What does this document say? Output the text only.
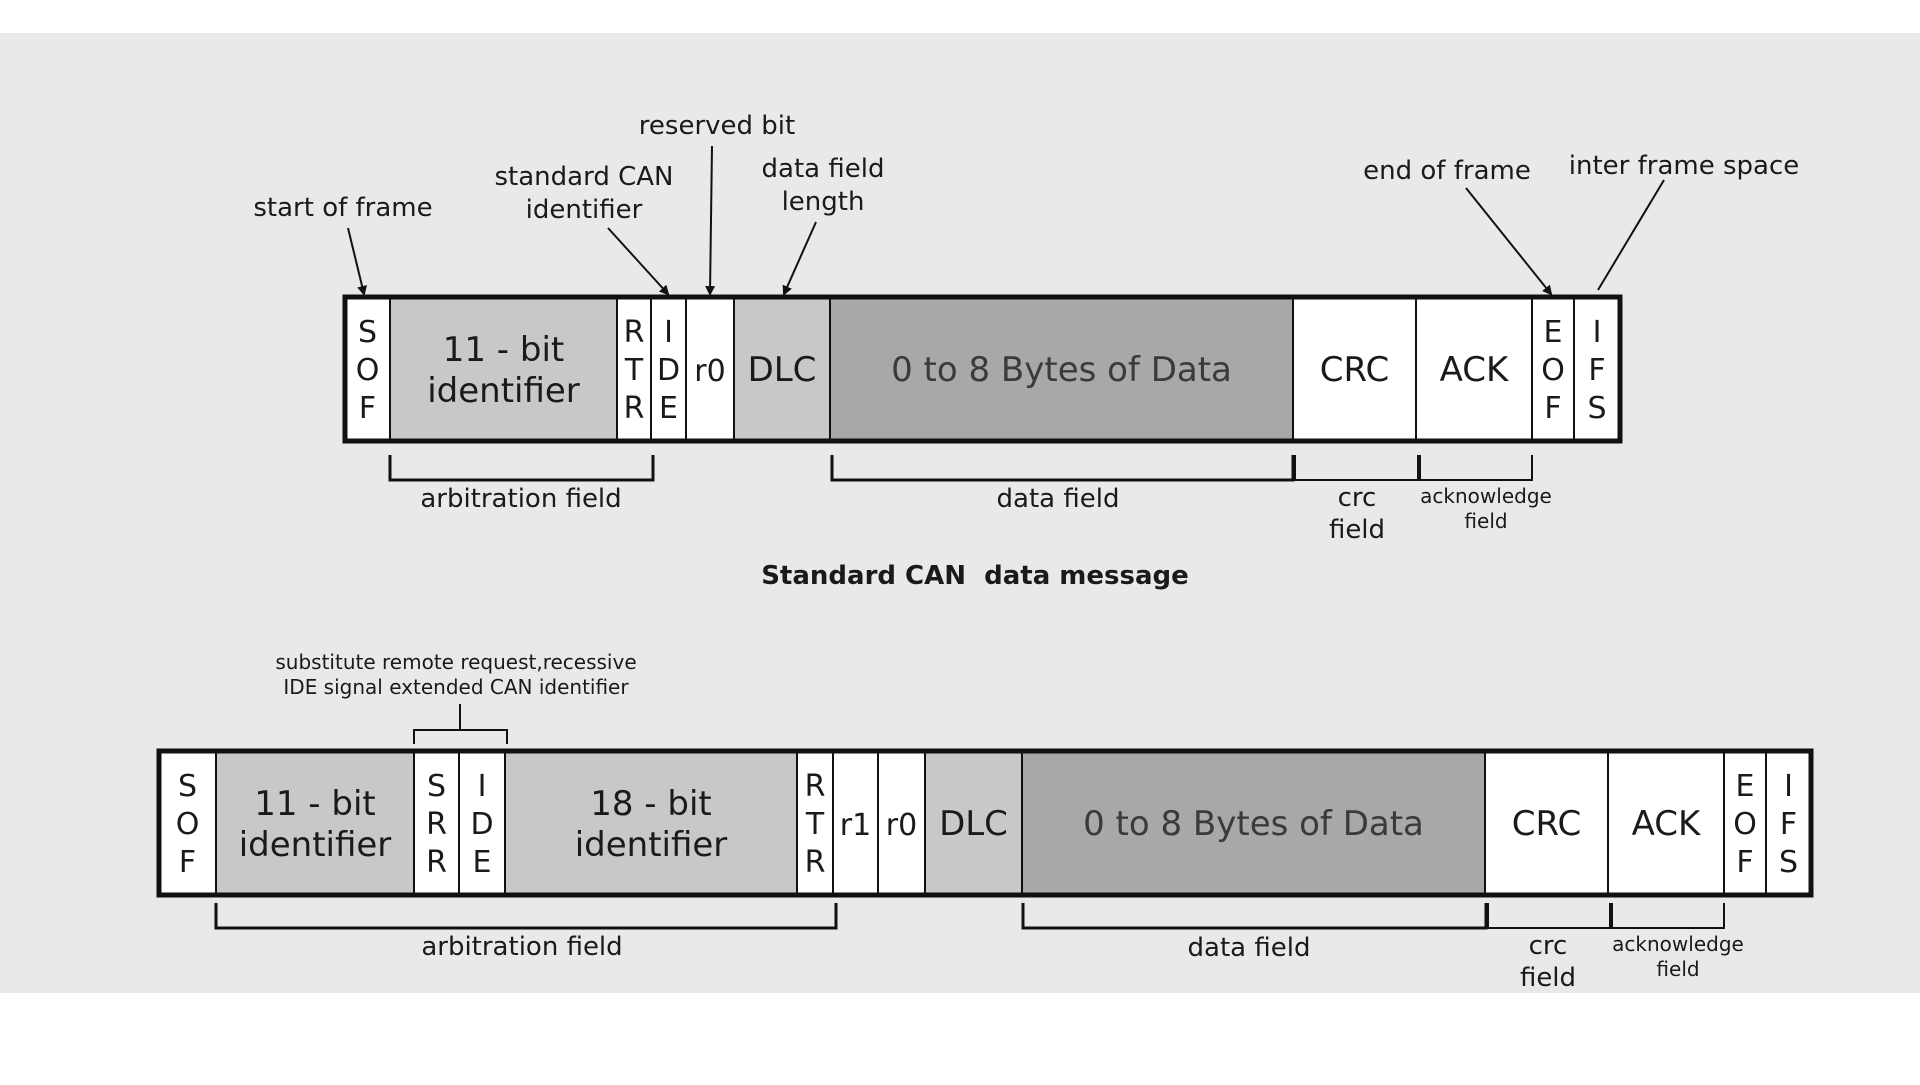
S
O
F
11 - bit
identifier
R
T
R
I
D
E
r0 DLC 0 to 8 Bytes of Data	CRC ACK
E
O
F
I
F
S
start of frame
standard CAN
identifier
reserved bit
data field
length
end of frame inter frame space
arbitration field	data field	crc
field
acknowledge
field
Standard CAN  data message
substitute remote request,recessive
IDE signal extended CAN identifier
S
O
F
11 - bit
identifier
S
R
R
I
D
E
18 - bit
identifier
R
T
R
r1 r0 DLC 0 to 8 Bytes of Data	CRC ACK
E
O
F
I
F
S
arbitration field	data field	crc
field
acknowledge
field
